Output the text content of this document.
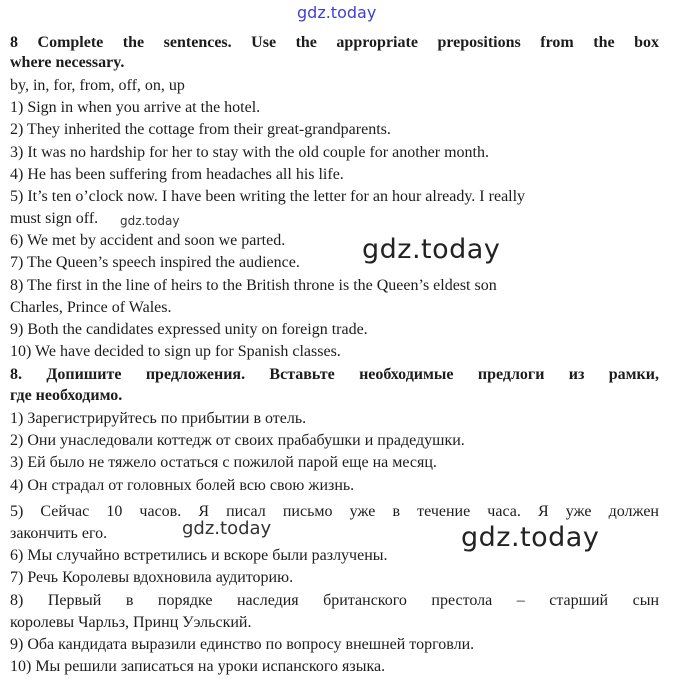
gdz.today
8 Complete the sentences. Use the appropriate prepositions from the box
where necessary.
by, in, for, from, off, on, up
1) Sign in when you arrive at the hotel.
2) They inherited the cottage from their great-grandparents.
3) It was no hardship for her to stay with the old couple for another month.
4) He has been suffering from headaches all his life.
5) It’s ten o’clock now. I have been writing the letter for an hour already. I really
must sign off.	gdz.today
6) We met by accident and soon we parted.
7) The Queen’s speech inspired the audience.	gdz.today
8) The first in the line of heirs to the British throne is the Queen’s eldest son
Charles, Prince of Wales.
9) Both the candidates expressed unity on foreign trade.
10) We have decided to sign up for Spanish classes.
8. Допишите предложения. Вставьте необходимые предлоги из рамки,
где необходимо.
1) Зарегистрируйтесь по прибытии в отель.
2) Они унаследовали коттедж от своих прабабушки и прадедушки.
3) Ей было не тяжело остаться с пожилой парой еще на месяц.
4) Он страдал от головных болей всю свою жизнь.
5) Сейчас 10 часов. Я писал письмо уже в течение часа. Я уже должен
закончить его.	gdz.today
6) Мы случайно встретились и вскоре были разлучены.
gdz.today
7) Речь Королевы вдохновила аудиторию.
8) Первый в порядке наследия британского престола – старший сын
королевы Чарльз, Принц Уэльский.
9) Оба кандидата выразили единство по вопросу внешней торговли.
10) Мы решили записаться на уроки испанского языка.
